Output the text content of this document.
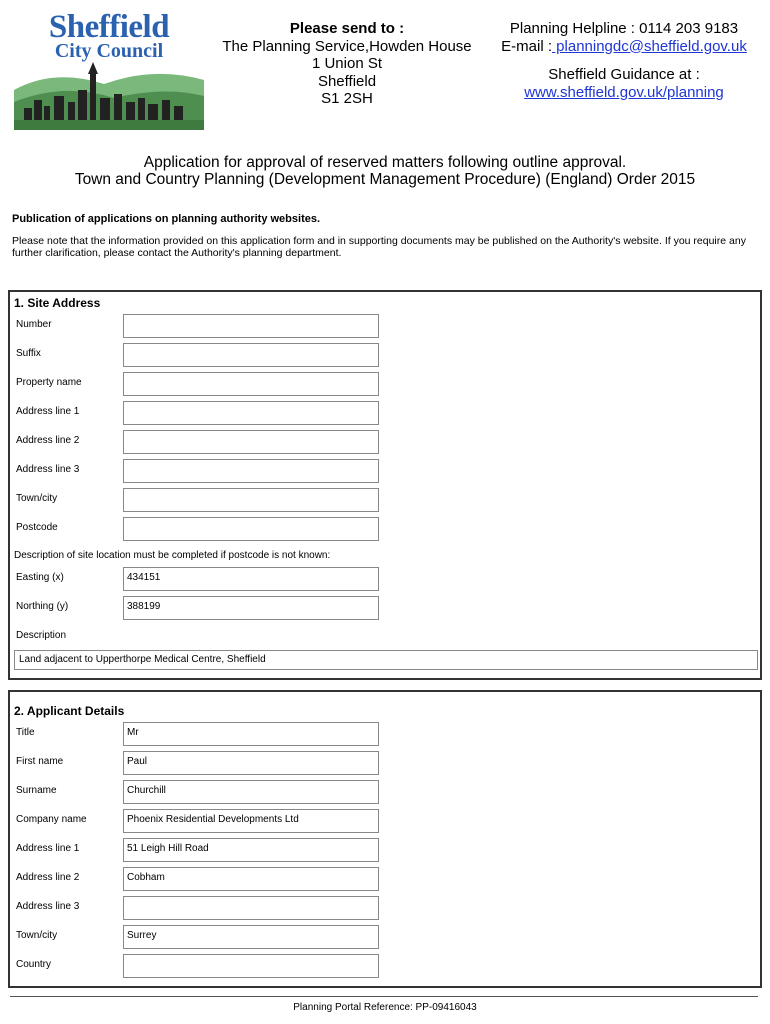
Sheffield
City Council
Please send to :
The Planning Service,Howden House
1 Union St
Sheffield
S1 2SH
Planning Helpline : 0114 203 9183
E-mail : planningdc@sheffield.gov.uk
Sheffield Guidance at :
www.sheffield.gov.uk/planning
Application for approval of reserved matters following outline approval.
Town and Country Planning (Development Management Procedure) (England) Order 2015
Publication of applications on planning authority websites.
Please note that the information provided on this application form and in supporting documents may be published on the Authority's website. If you require any further clarification, please contact the Authority's planning department.
1. Site Address
Number
Suffix
Property name
Address line 1
Address line 2
Address line 3
Town/city
Postcode
Description of site location must be completed if postcode is not known:
Easting (x)	434151
Northing (y)	388199
Description
Land adjacent to Upperthorpe Medical Centre, Sheffield
2. Applicant Details
Title	Mr
First name	Paul
Surname	Churchill
Company name	Phoenix Residential Developments Ltd
Address line 1	51 Leigh Hill Road
Address line 2	Cobham
Address line 3
Town/city	Surrey
Country
Planning Portal Reference: PP-09416043
